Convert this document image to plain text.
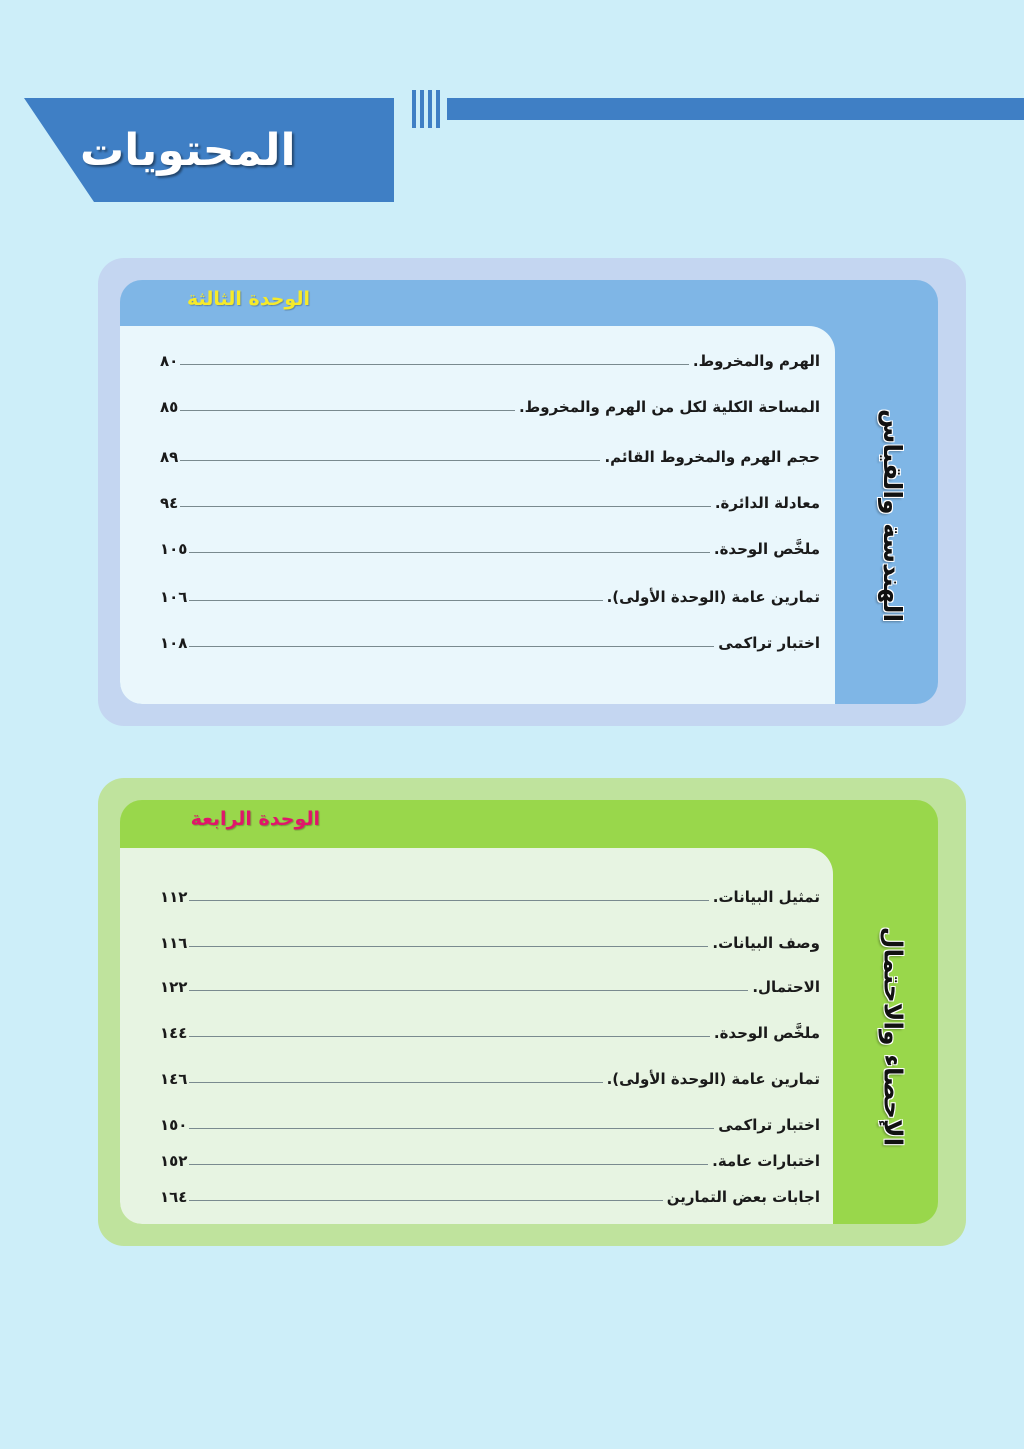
المحتويات
الوحدة الثالثة
الهرم والمخروط.
٨٠
المساحة الكلية لكل من الهرم والمخروط.
٨٥
حجم الهرم والمخروط القائم.
٨٩
معادلة الدائرة.
٩٤
ملخَّص الوحدة.
١٠٥
تمارين عامة (الوحدة الأولى).
١٠٦
اختبار تراكمى
١٠٨
الهندسة والقياس
الوحدة الرابعة
تمثيل البيانات.
١١٢
وصف البيانات.
١١٦
الاحتمال.
١٢٢
ملخَّص الوحدة.
١٤٤
تمارين عامة (الوحدة الأولى).
١٤٦
اختبار تراكمى
١٥٠
اختبارات عامة.
١٥٢
اجابات بعض التمارين
١٦٤
الإحصاء والاحتمال
